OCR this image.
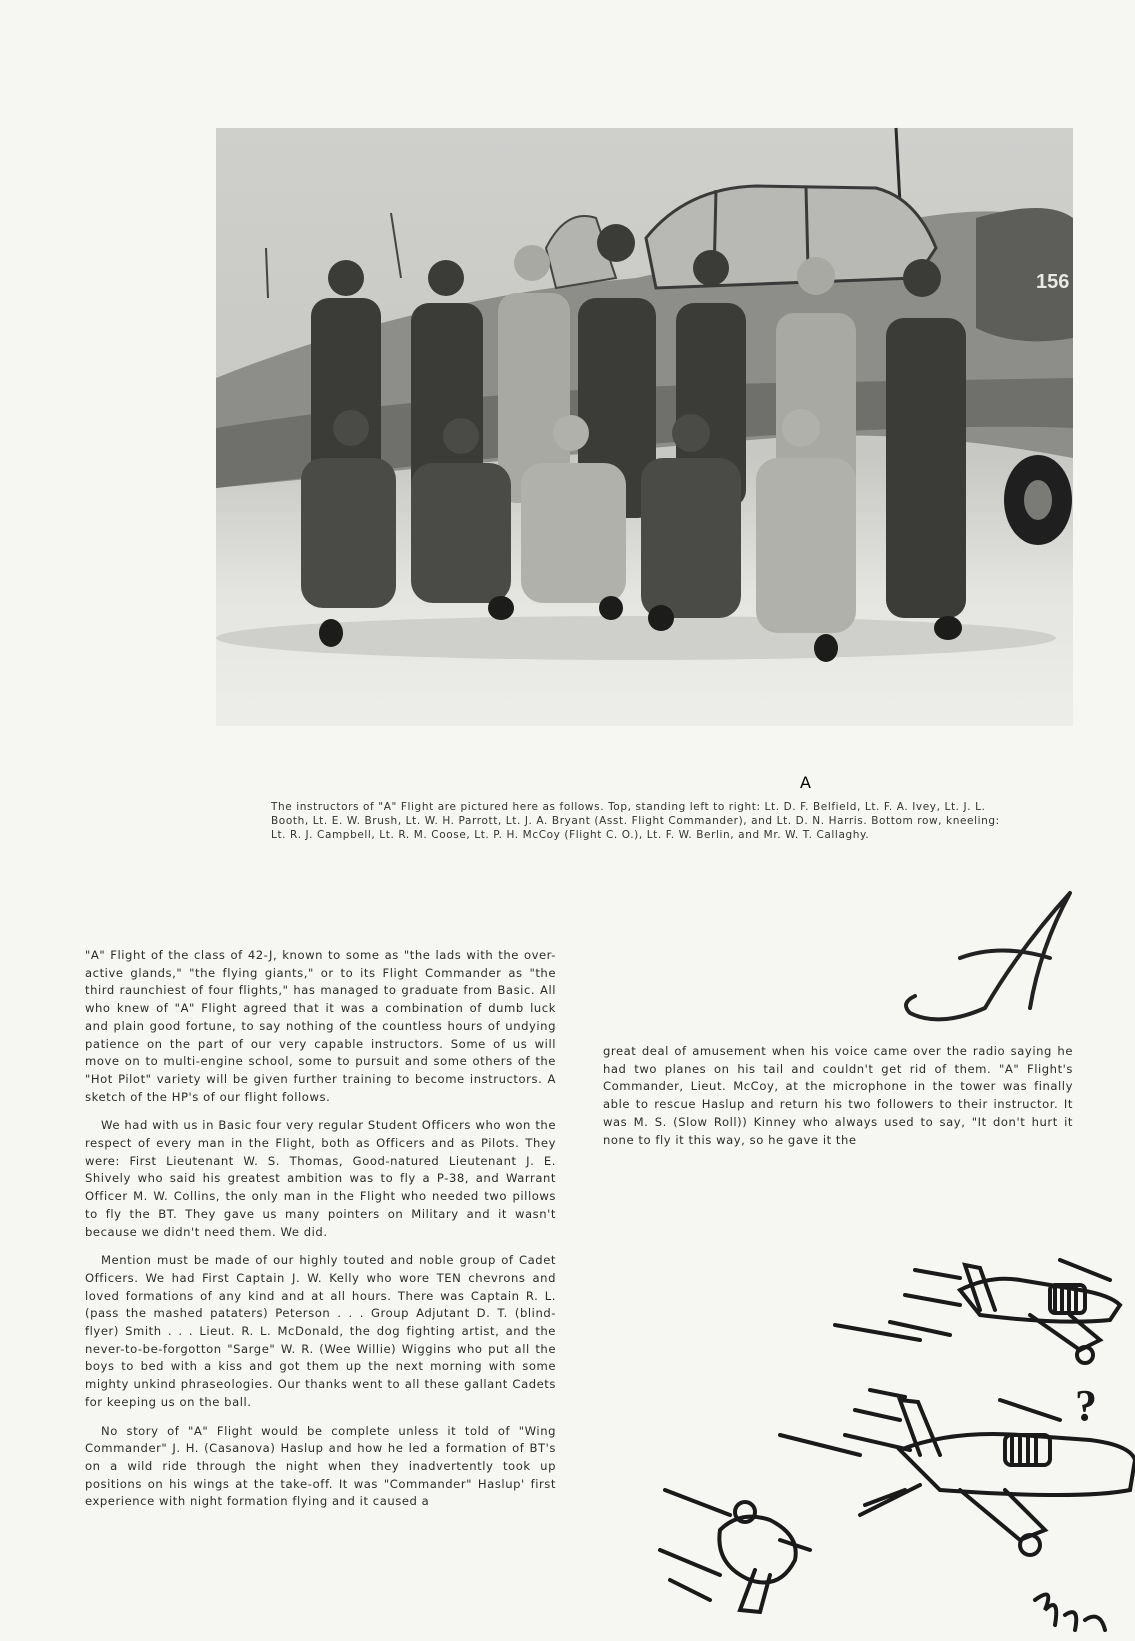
156
The instructors of "A" Flight are pictured here as follows. Top, standing left to right: Lt. D. F. Belfield, Lt. F. A. Ivey, Lt. J. L. Booth, Lt. E. W. Brush, Lt. W. H. Parrott, Lt. J. A. Bryant (Asst. Flight Commander), and Lt. D. N. Harris. Bottom row, kneeling: Lt. R. J. Campbell, Lt. R. M. Coose, Lt. P. H. McCoy (Flight C. O.), Lt. F. W. Berlin, and Mr. W. T. Callaghy.
A

"A" Flight of the class of 42-J, known to some as "the lads with the over-active glands," "the flying giants," or to its Flight Commander as "the third raunchiest of four flights," has managed to graduate from Basic. All who knew of "A" Flight agreed that it was a combination of dumb luck and plain good fortune, to say nothing of the countless hours of undying patience on the part of our very capable instructors. Some of us will move on to multi-engine school, some to pursuit and some others of the "Hot Pilot" variety will be given further training to become instructors. A sketch of the HP's of our flight follows.

We had with us in Basic four very regular Student Officers who won the respect of every man in the Flight, both as Officers and as Pilots. They were: First Lieutenant W. S. Thomas, Good-natured Lieutenant J. E. Shively who said his greatest ambition was to fly a P-38, and Warrant Officer M. W. Collins, the only man in the Flight who needed two pillows to fly the BT. They gave us many pointers on Military and it wasn't because we didn't need them. We did.

Mention must be made of our highly touted and noble group of Cadet Officers. We had First Captain J. W. Kelly who wore TEN chevrons and loved formations of any kind and at all hours. There was Captain R. L. (pass the mashed pataters) Peterson . . . Group Adjutant D. T. (blind-flyer) Smith . . . Lieut. R. L. McDonald, the dog fighting artist, and the never-to-be-forgotton "Sarge" W. R. (Wee Willie) Wiggins who put all the boys to bed with a kiss and got them up the next morning with some mighty unkind phraseologies. Our thanks went to all these gallant Cadets for keeping us on the ball.

No story of "A" Flight would be complete unless it told of "Wing Commander" J. H. (Casanova) Haslup and how he led a formation of BT's on a wild ride through the night when they inadvertently took up positions on his wings at the take-off. It was "Commander" Haslup' first experience with night formation flying and it caused a

great deal of amusement when his voice came over the radio saying he had two planes on his tail and couldn't get rid of them. "A" Flight's Commander, Lieut. McCoy, at the microphone in the tower was finally able to rescue Haslup and return his two followers to their instructor. It was M. S. (Slow Roll)) Kinney who always used to say, "It don't hurt it none to fly it this way, so he gave it the

?
